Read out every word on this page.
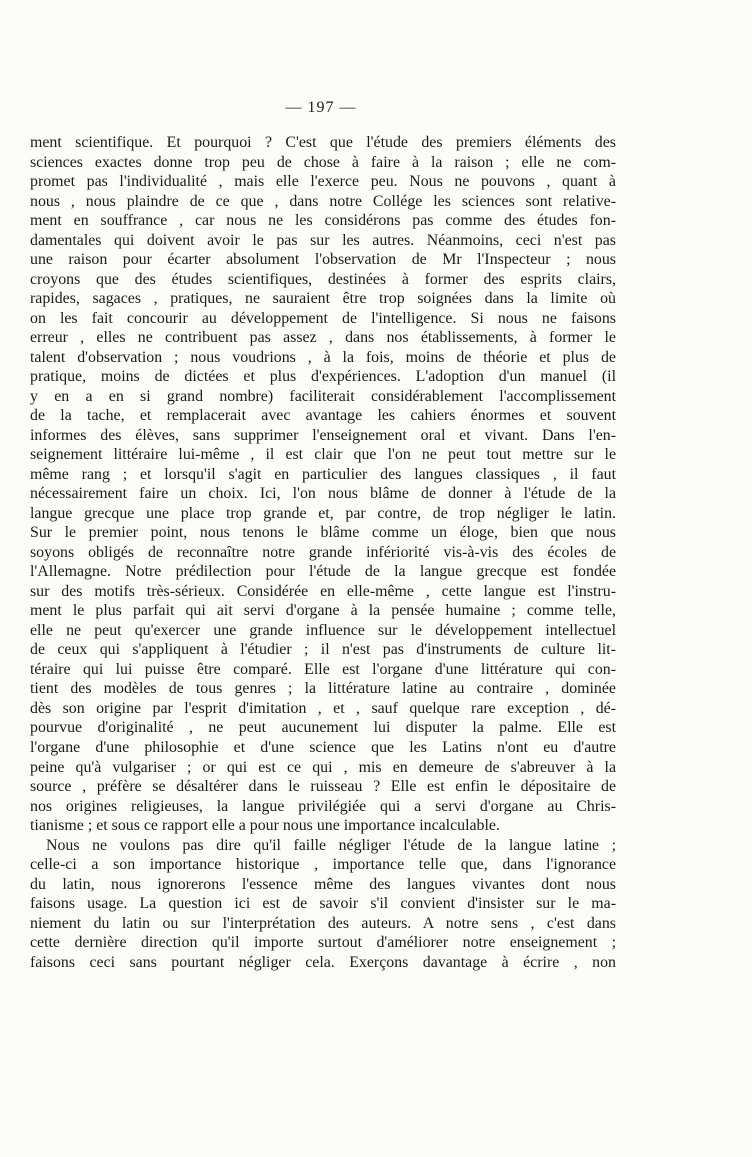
— 197 —
ment scientifique. Et pourquoi ? C'est que l'étude des premiers éléments des
sciences exactes donne trop peu de chose à faire à la raison ; elle ne com-
promet pas l'individualité , mais elle l'exerce peu. Nous ne pouvons , quant à
nous , nous plaindre de ce que , dans notre Collége les sciences sont relative-
ment en souffrance , car nous ne les considérons pas comme des études fon-
damentales qui doivent avoir le pas sur les autres. Néanmoins, ceci n'est pas
une raison pour écarter absolument l'observation de Mr l'Inspecteur ; nous
croyons que des études scientifiques, destinées à former des esprits clairs,
rapides, sagaces , pratiques, ne sauraient être trop soignées dans la limite où
on les fait concourir au développement de l'intelligence. Si nous ne faisons
erreur , elles ne contribuent pas assez , dans nos établissements, à former le
talent d'observation ; nous voudrions , à la fois, moins de théorie et plus de
pratique, moins de dictées et plus d'expériences. L'adoption d'un manuel (il
y en a en si grand nombre) faciliterait considérablement l'accomplissement
de la tache, et remplacerait avec avantage les cahiers énormes et souvent
informes des élèves, sans supprimer l'enseignement oral et vivant. Dans l'en-
seignement littéraire lui-même , il est clair que l'on ne peut tout mettre sur le
même rang ; et lorsqu'il s'agit en particulier des langues classiques , il faut
nécessairement faire un choix. Ici, l'on nous blâme de donner à l'étude de la
langue grecque une place trop grande et, par contre, de trop négliger le latin.
Sur le premier point, nous tenons le blâme comme un éloge, bien que nous
soyons obligés de reconnaître notre grande infériorité vis-à-vis des écoles de
l'Allemagne. Notre prédilection pour l'étude de la langue grecque est fondée
sur des motifs très-sérieux. Considérée en elle-même , cette langue est l'instru-
ment le plus parfait qui ait servi d'organe à la pensée humaine ; comme telle,
elle ne peut qu'exercer une grande influence sur le développement intellectuel
de ceux qui s'appliquent à l'étudier ; il n'est pas d'instruments de culture lit-
téraire qui lui puisse être comparé. Elle est l'organe d'une littérature qui con-
tient des modèles de tous genres ; la littérature latine au contraire , dominée
dès son origine par l'esprit d'imitation , et , sauf quelque rare exception , dé-
pourvue d'originalité , ne peut aucunement lui disputer la palme. Elle est
l'organe d'une philosophie et d'une science que les Latins n'ont eu d'autre
peine qu'à vulgariser ; or qui est ce qui , mis en demeure de s'abreuver à la
source , préfère se désaltérer dans le ruisseau ? Elle est enfin le dépositaire de
nos origines religieuses, la langue privilégiée qui a servi d'organe au Chris-
tianisme ; et sous ce rapport elle a pour nous une importance incalculable.
Nous ne voulons pas dire qu'il faille négliger l'étude de la langue latine ;
celle-ci a son importance historique , importance telle que, dans l'ignorance
du latin, nous ignorerons l'essence même des langues vivantes dont nous
faisons usage. La question ici est de savoir s'il convient d'insister sur le ma-
niement du latin ou sur l'interprétation des auteurs. A notre sens , c'est dans
cette dernière direction qu'il importe surtout d'améliorer notre enseignement ;
faisons ceci sans pourtant négliger cela. Exerçons davantage à écrire , non
